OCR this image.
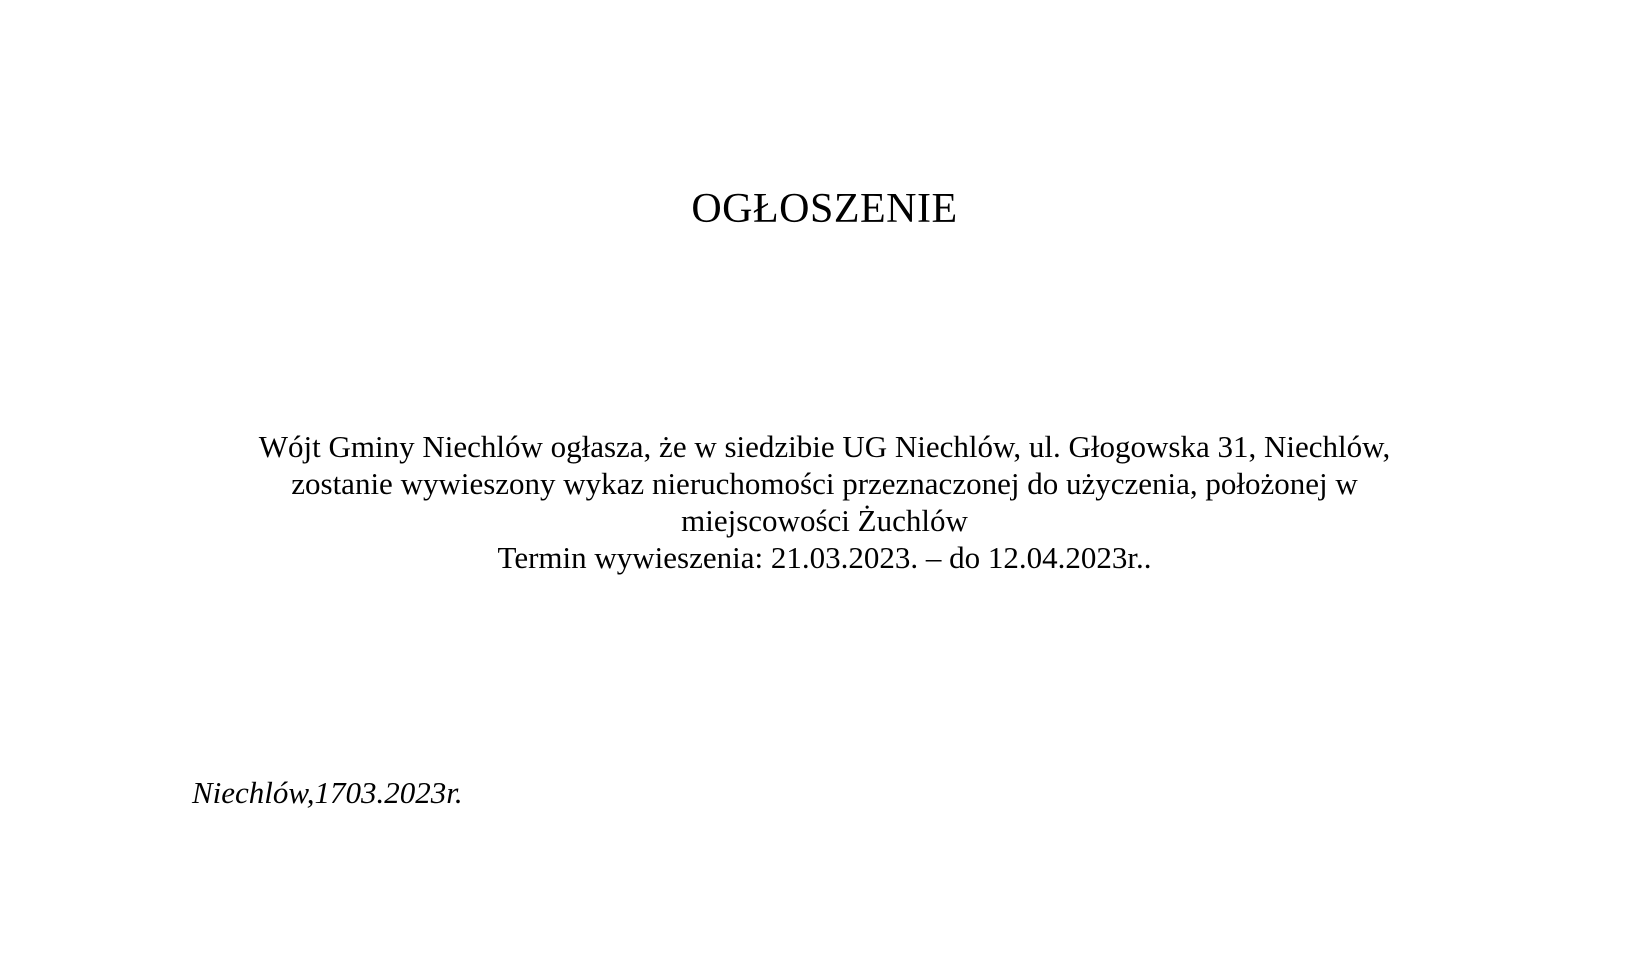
OGŁOSZENIE
Wójt Gminy Niechlów ogłasza, że w siedzibie UG Niechlów, ul. Głogowska 31, Niechlów,
zostanie wywieszony wykaz nieruchomości przeznaczonej do użyczenia, położonej w
miejscowości Żuchlów
Termin wywieszenia: 21.03.2023. – do 12.04.2023r..
Niechlów,1703.2023r.
